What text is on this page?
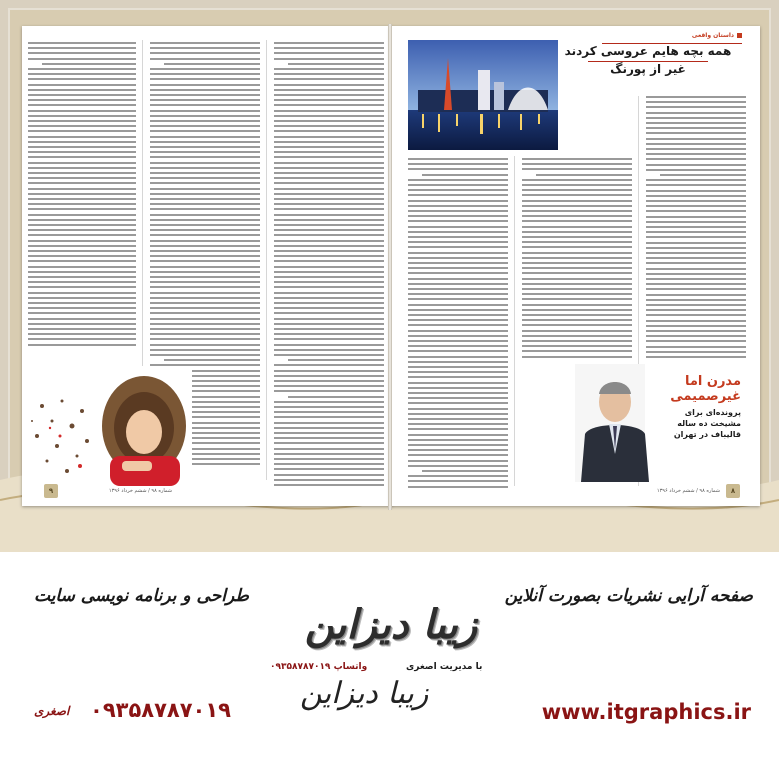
شماره ۹۸ / ششم خرداد ۱۳۹۶
۹
داستان واقعی
همه بچه هایم عروسی کردند
غیر از پورنگ
مدرن اما
غیرصمیمی
پرونده‌ای برای
مشیخت ده ساله
قالیباف در تهران
شماره ۹۸ / ششم خرداد ۱۳۹۶	۸
صفحه آرایی نشریات بصورت آنلاین
طراحی و برنامه نویسی سایت
زیبا دیزاین
با مدیریت اصغری
واتساپ ۰۹۳۵۸۷۸۷۰۱۹
زیبا دیزاین
www.itgraphics.ir
۰۹۳۵۸۷۸۷۰۱۹
اصغری
